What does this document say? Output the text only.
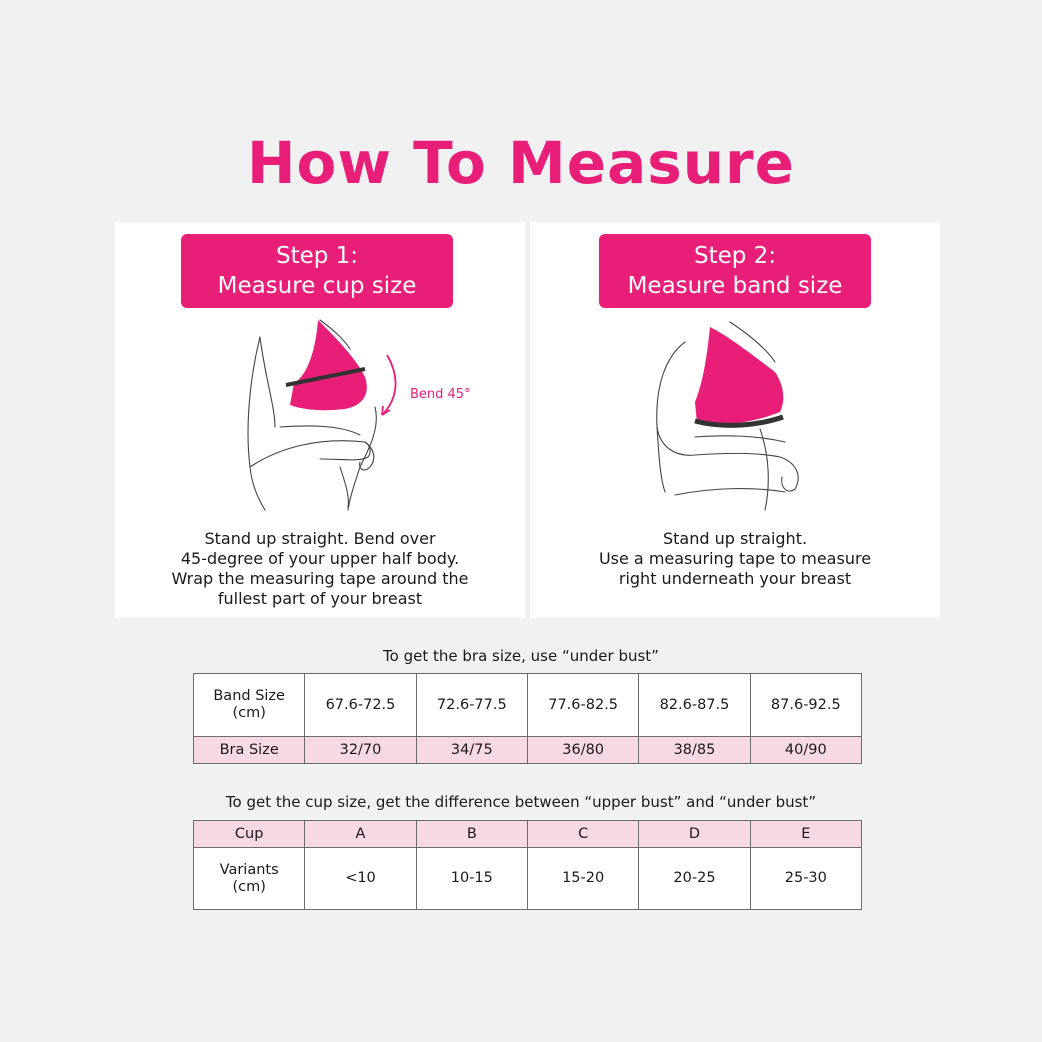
How To Measure
Step 1:
Measure cup size
Bend 45°
Stand up straight. Bend over
45-degree of your upper half body.
Wrap the measuring tape around the
fullest part of your breast
Step 2:
Measure band size
Stand up straight.
Use a measuring tape to measure
right underneath your breast
To get the bra size, use “under bust”
Band Size
(cm)	67.6-72.5	72.6-77.5	77.6-82.5	82.6-87.5	87.6-92.5
Bra Size	32/70	34/75	36/80	38/85	40/90
To get the cup size, get the difference between “upper bust” and “under bust”
Cup	A	B	C	D	E

Variants
(cm)	<10	10-15	15-20	20-25	25-30
